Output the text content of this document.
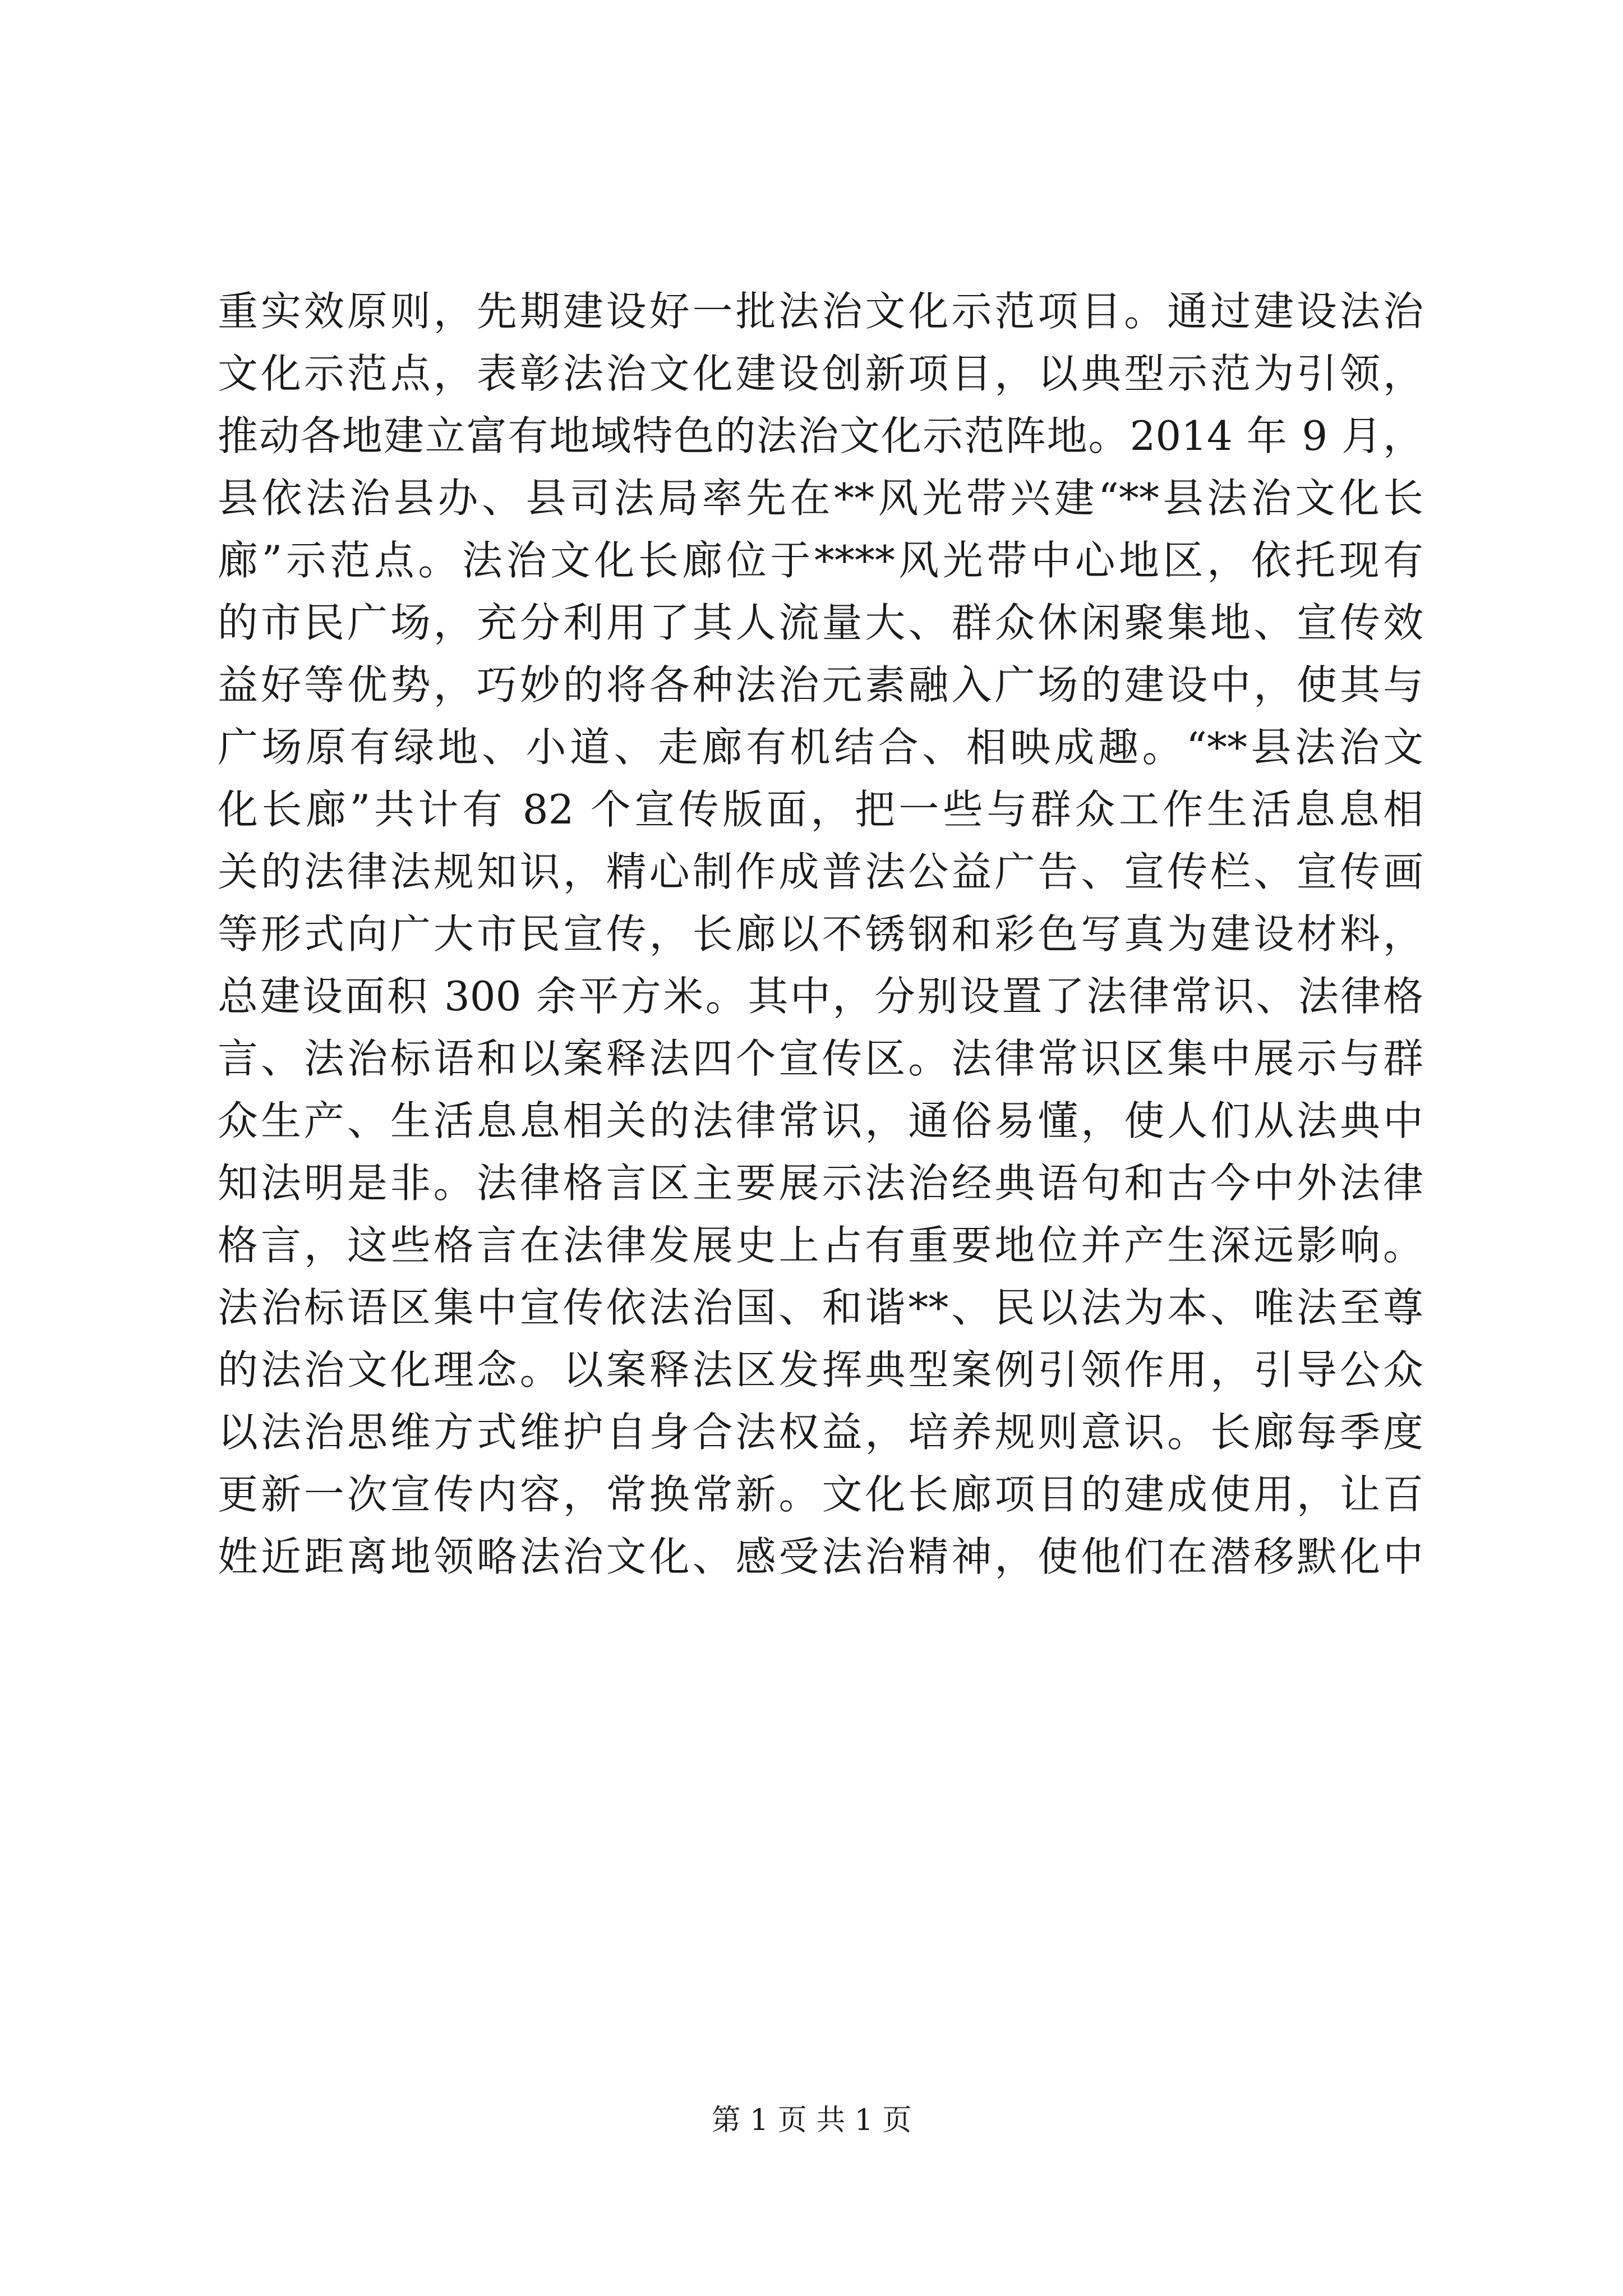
重实效原则，先期建设好一批法治文化示范项目。通过建设法治
文化示范点，表彰法治文化建设创新项目，以典型示范为引领，
推动各地建立富有地域特色的法治文化示范阵地。2014 年 9 月，
县依法治县办、县司法局率先在**风光带兴建“**县法治文化长
廊”示范点。法治文化长廊位于****风光带中心地区，依托现有
的市民广场，充分利用了其人流量大、群众休闲聚集地、宣传效
益好等优势，巧妙的将各种法治元素融入广场的建设中，使其与
广场原有绿地、小道、走廊有机结合、相映成趣。“**县法治文
化长廊”共计有 82 个宣传版面，把一些与群众工作生活息息相
关的法律法规知识，精心制作成普法公益广告、宣传栏、宣传画
等形式向广大市民宣传，长廊以不锈钢和彩色写真为建设材料，
总建设面积 300 余平方米。其中，分别设置了法律常识、法律格
言、法治标语和以案释法四个宣传区。法律常识区集中展示与群
众生产、生活息息相关的法律常识，通俗易懂，使人们从法典中
知法明是非。法律格言区主要展示法治经典语句和古今中外法律
格言，这些格言在法律发展史上占有重要地位并产生深远影响。
法治标语区集中宣传依法治国、和谐**、民以法为本、唯法至尊
的法治文化理念。以案释法区发挥典型案例引领作用，引导公众
以法治思维方式维护自身合法权益，培养规则意识。长廊每季度
更新一次宣传内容，常换常新。文化长廊项目的建成使用，让百
姓近距离地领略法治文化、感受法治精神，使他们在潜移默化中
第 1 页 共 1 页
